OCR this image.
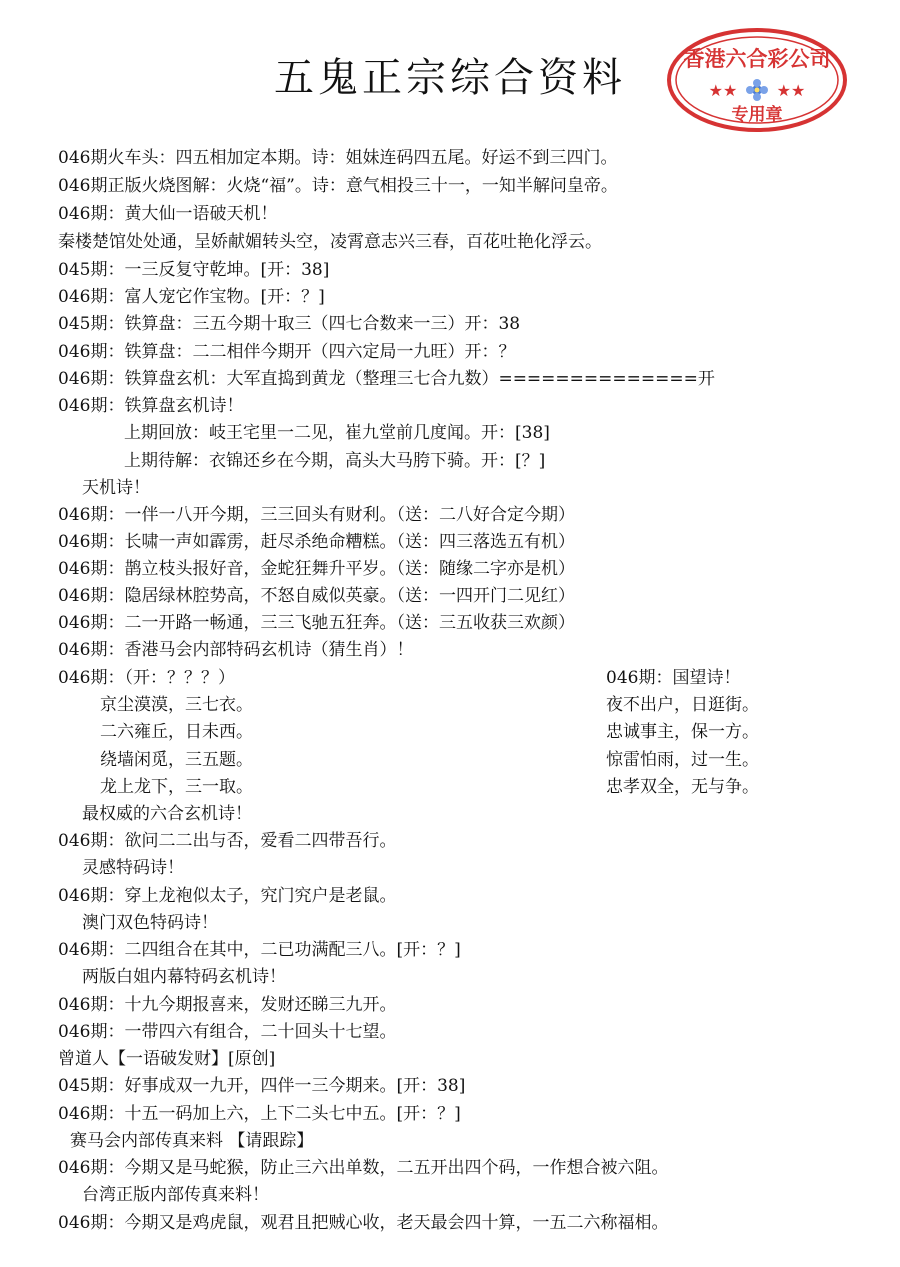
五鬼正宗综合资料	香港六合彩公司
★★ ★★
专用章
046期火车头：四五相加定本期。诗：姐妹连码四五尾。好运不到三四门。
046期正版火烧图解：火烧“福”。诗：意气相投三十一，一知半解问皇帝。
046期：黄大仙一语破天机！
秦楼楚馆处处通，呈娇献媚转头空，凌霄意志兴三春，百花吐艳化浮云。
045期：一三反复守乾坤。[开：38]
046期：富人宠它作宝物。[开：？]
045期：铁算盘：三五今期十取三（四七合数来一三）开：38
046期：铁算盘：二二相伴今期开（四六定局一九旺）开：？
046期：铁算盘玄机：大军直捣到黄龙（整理三七合九数）==============开
046期：铁算盘玄机诗！
上期回放：岐王宅里一二见，崔九堂前几度闻。开：[38]
上期待解：衣锦还乡在今期，高头大马胯下骑。开：[？]
天机诗！
046期：一伴一八开今期，三三回头有财利。（送：二八好合定今期）
046期：长啸一声如霹雳，赶尽杀绝命糟糕。（送：四三落选五有机）
046期：鹊立枝头报好音，金蛇狂舞升平岁。（送：随缘二字亦是机）
046期：隐居绿林腔势高，不怒自威似英豪。（送：一四开门二见红）
046期：二一开路一畅通，三三飞驰五狂奔。（送：三五收获三欢颜）
046期：香港马会内部特码玄机诗（猜生肖）！
046期：（开：？？？）
京尘漠漠，三七衣。
二六雍丘，日未西。
绕墙闲觅，三五题。
龙上龙下，三一取。
最权威的六合玄机诗！
046期：欲问二二出与否，爱看二四带吾行。
灵感特码诗！
046期：穿上龙袍似太子，究门究户是老鼠。
澳门双色特码诗！
046期：二四组合在其中，二已功满配三八。[开：？]
两版白姐内幕特码玄机诗！
046期：十九今期报喜来，发财还睇三九开。
046期：一带四六有组合，二十回头十七望。
曾道人【一语破发财】[原创]
045期：好事成双一九开，四伴一三今期来。[开：38]
046期：十五一码加上六，上下二头七中五。[开：？]
赛马会内部传真来料 【请跟踪】
046期：今期又是马蛇猴，防止三六出单数，二五开出四个码，一作想合被六阻。
台湾正版内部传真来料！
046期：今期又是鸡虎鼠，观君且把贼心收，老天最会四十算，一五二六称福相。
046期：国望诗！
夜不出户，日逛街。
忠诚事主，保一方。
惊雷怕雨，过一生。
忠孝双全，无与争。
